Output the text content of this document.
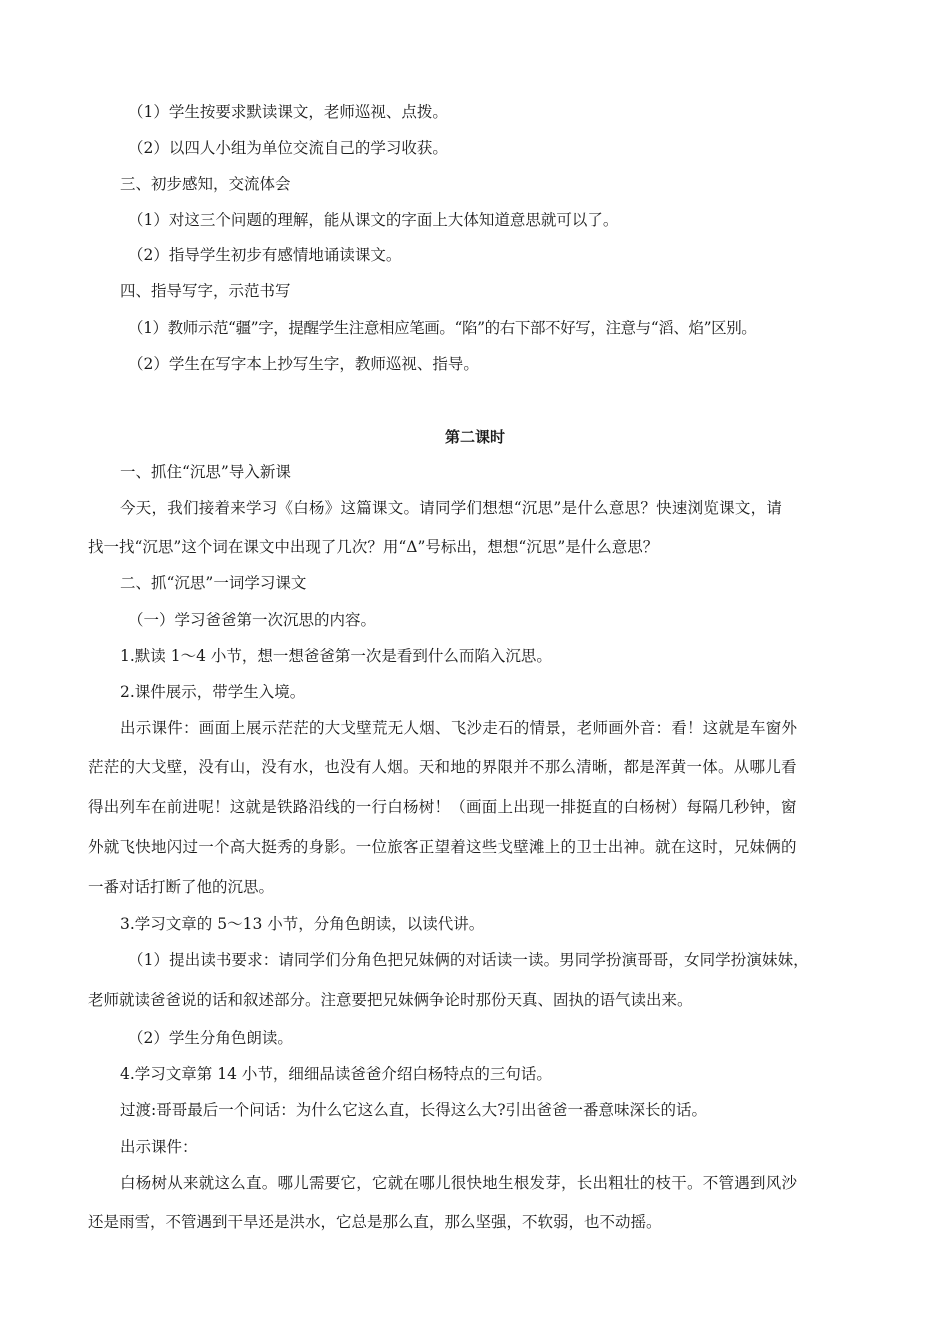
（1）学生按要求默读课文，老师巡视、点拨。
（2）以四人小组为单位交流自己的学习收获。
三、初步感知，交流体会
（1）对这三个问题的理解，能从课文的字面上大体知道意思就可以了。
（2）指导学生初步有感情地诵读课文。
四、指导写字，示范书写
（1）教师示范“疆”字，提醒学生注意相应笔画。“陷”的右下部不好写，注意与“滔、焰”区别。
（2）学生在写字本上抄写生字，教师巡视、指导。
第二课时
一、抓住“沉思”导入新课
今天，我们接着来学习《白杨》这篇课文。请同学们想想“沉思”是什么意思？快速浏览课文，请
找一找“沉思”这个词在课文中出现了几次？用“Δ”号标出，想想“沉思”是什么意思？
二、抓“沉思”一词学习课文
（一）学习爸爸第一次沉思的内容。
1.默读 1～4 小节，想一想爸爸第一次是看到什么而陷入沉思。
2.课件展示，带学生入境。
出示课件：画面上展示茫茫的大戈壁荒无人烟、飞沙走石的情景，老师画外音：看！这就是车窗外
茫茫的大戈壁，没有山，没有水，也没有人烟。天和地的界限并不那么清晰，都是浑黄一体。从哪儿看
得出列车在前进呢！这就是铁路沿线的一行白杨树！（画面上出现一排挺直的白杨树）每隔几秒钟，窗
外就飞快地闪过一个高大挺秀的身影。一位旅客正望着这些戈壁滩上的卫士出神。就在这时，兄妹俩的
一番对话打断了他的沉思。
3.学习文章的 5～13 小节，分角色朗读，以读代讲。
（1）提出读书要求：请同学们分角色把兄妹俩的对话读一读。男同学扮演哥哥，女同学扮演妹妹，
老师就读爸爸说的话和叙述部分。注意要把兄妹俩争论时那份天真、固执的语气读出来。
（2）学生分角色朗读。
4.学习文章第 14 小节，细细品读爸爸介绍白杨特点的三句话。
过渡:哥哥最后一个问话：为什么它这么直，长得这么大?引出爸爸一番意味深长的话。
出示课件：
白杨树从来就这么直。哪儿需要它，它就在哪儿很快地生根发芽，长出粗壮的枝干。不管遇到风沙
还是雨雪，不管遇到干旱还是洪水，它总是那么直，那么坚强，不软弱，也不动摇。
